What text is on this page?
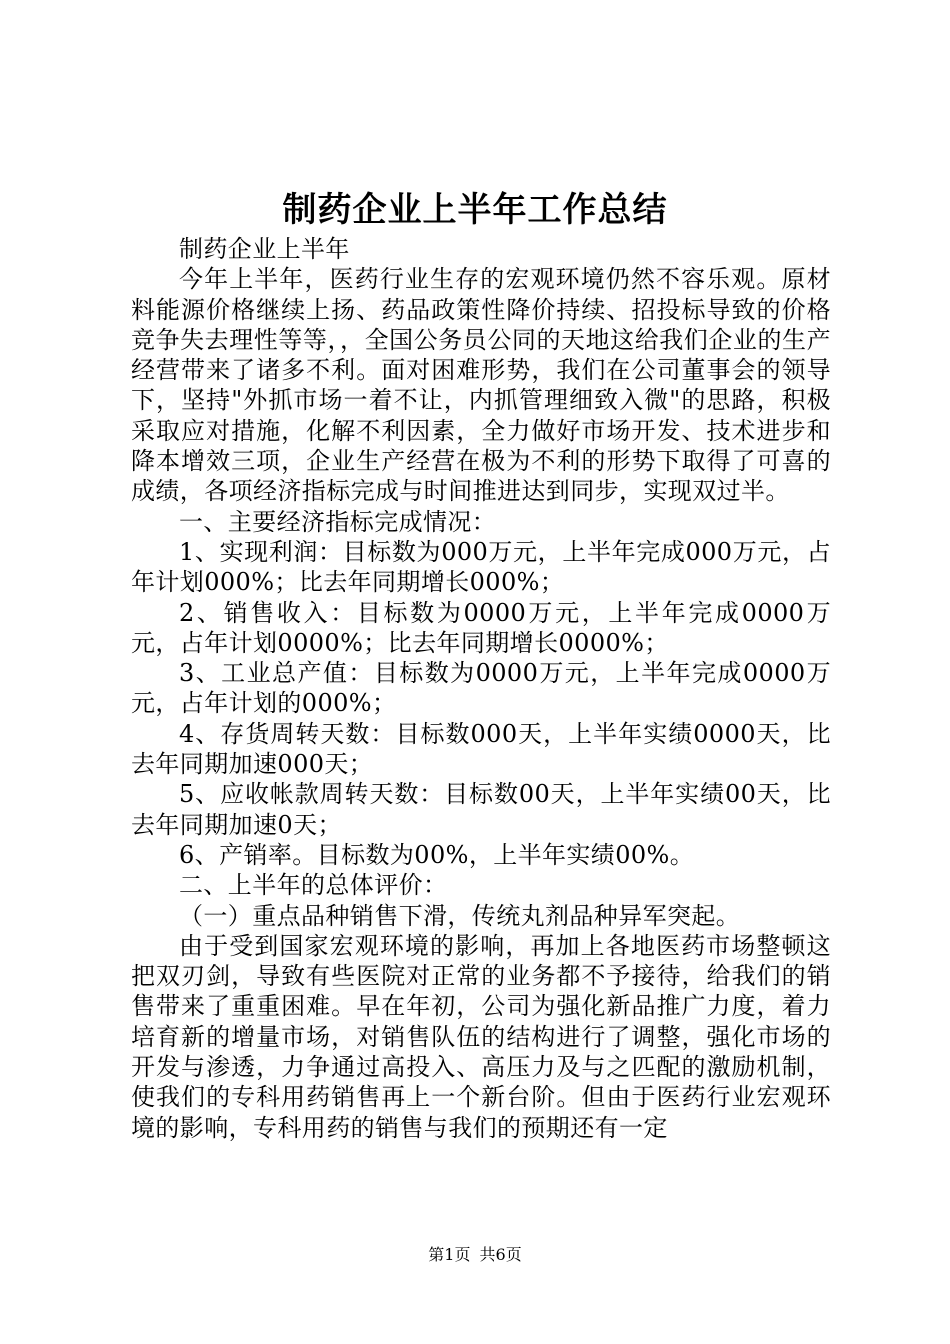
制药企业上半年工作总结

制药企业上半年

今年上半年，医药行业生存的宏观环境仍然不容乐观。原材料能源价格继续上扬、药品政策性降价持续、招投标导致的价格竞争失去理性等等，，全国公务员公同的天地这给我们企业的生产经营带来了诸多不利。面对困难形势，我们在公司董事会的领导下，坚持"外抓市场一着不让，内抓管理细致入微"的思路，积极采取应对措施，化解不利因素，全力做好市场开发、技术进步和降本增效三项，企业生产经营在极为不利的形势下取得了可喜的成绩，各项经济指标完成与时间推进达到同步，实现双过半。

一、主要经济指标完成情况：

1、实现利润：目标数为000万元，上半年完成000万元，占年计划000%；比去年同期增长000%；

2、销售收入：目标数为0000万元，上半年完成0000万元，占年计划0000%；比去年同期增长0000%；

3、工业总产值：目标数为0000万元，上半年完成0000万元，占年计划的000%；

4、存货周转天数：目标数000天，上半年实绩0000天，比去年同期加速000天；

5、应收帐款周转天数：目标数00天，上半年实绩00天，比去年同期加速0天；

6、产销率。目标数为00%，上半年实绩00%。

二、上半年的总体评价：

（一）重点品种销售下滑，传统丸剂品种异军突起。

由于受到国家宏观环境的影响，再加上各地医药市场整顿这把双刃剑，导致有些医院对正常的业务都不予接待，给我们的销售带来了重重困难。早在年初，公司为强化新品推广力度，着力培育新的增量市场，对销售队伍的结构进行了调整，强化市场的开发与渗透，力争通过高投入、高压力及与之匹配的激励机制，使我们的专科用药销售再上一个新台阶。但由于医药行业宏观环境的影响，专科用药的销售与我们的预期还有一定

第1页 共6页
